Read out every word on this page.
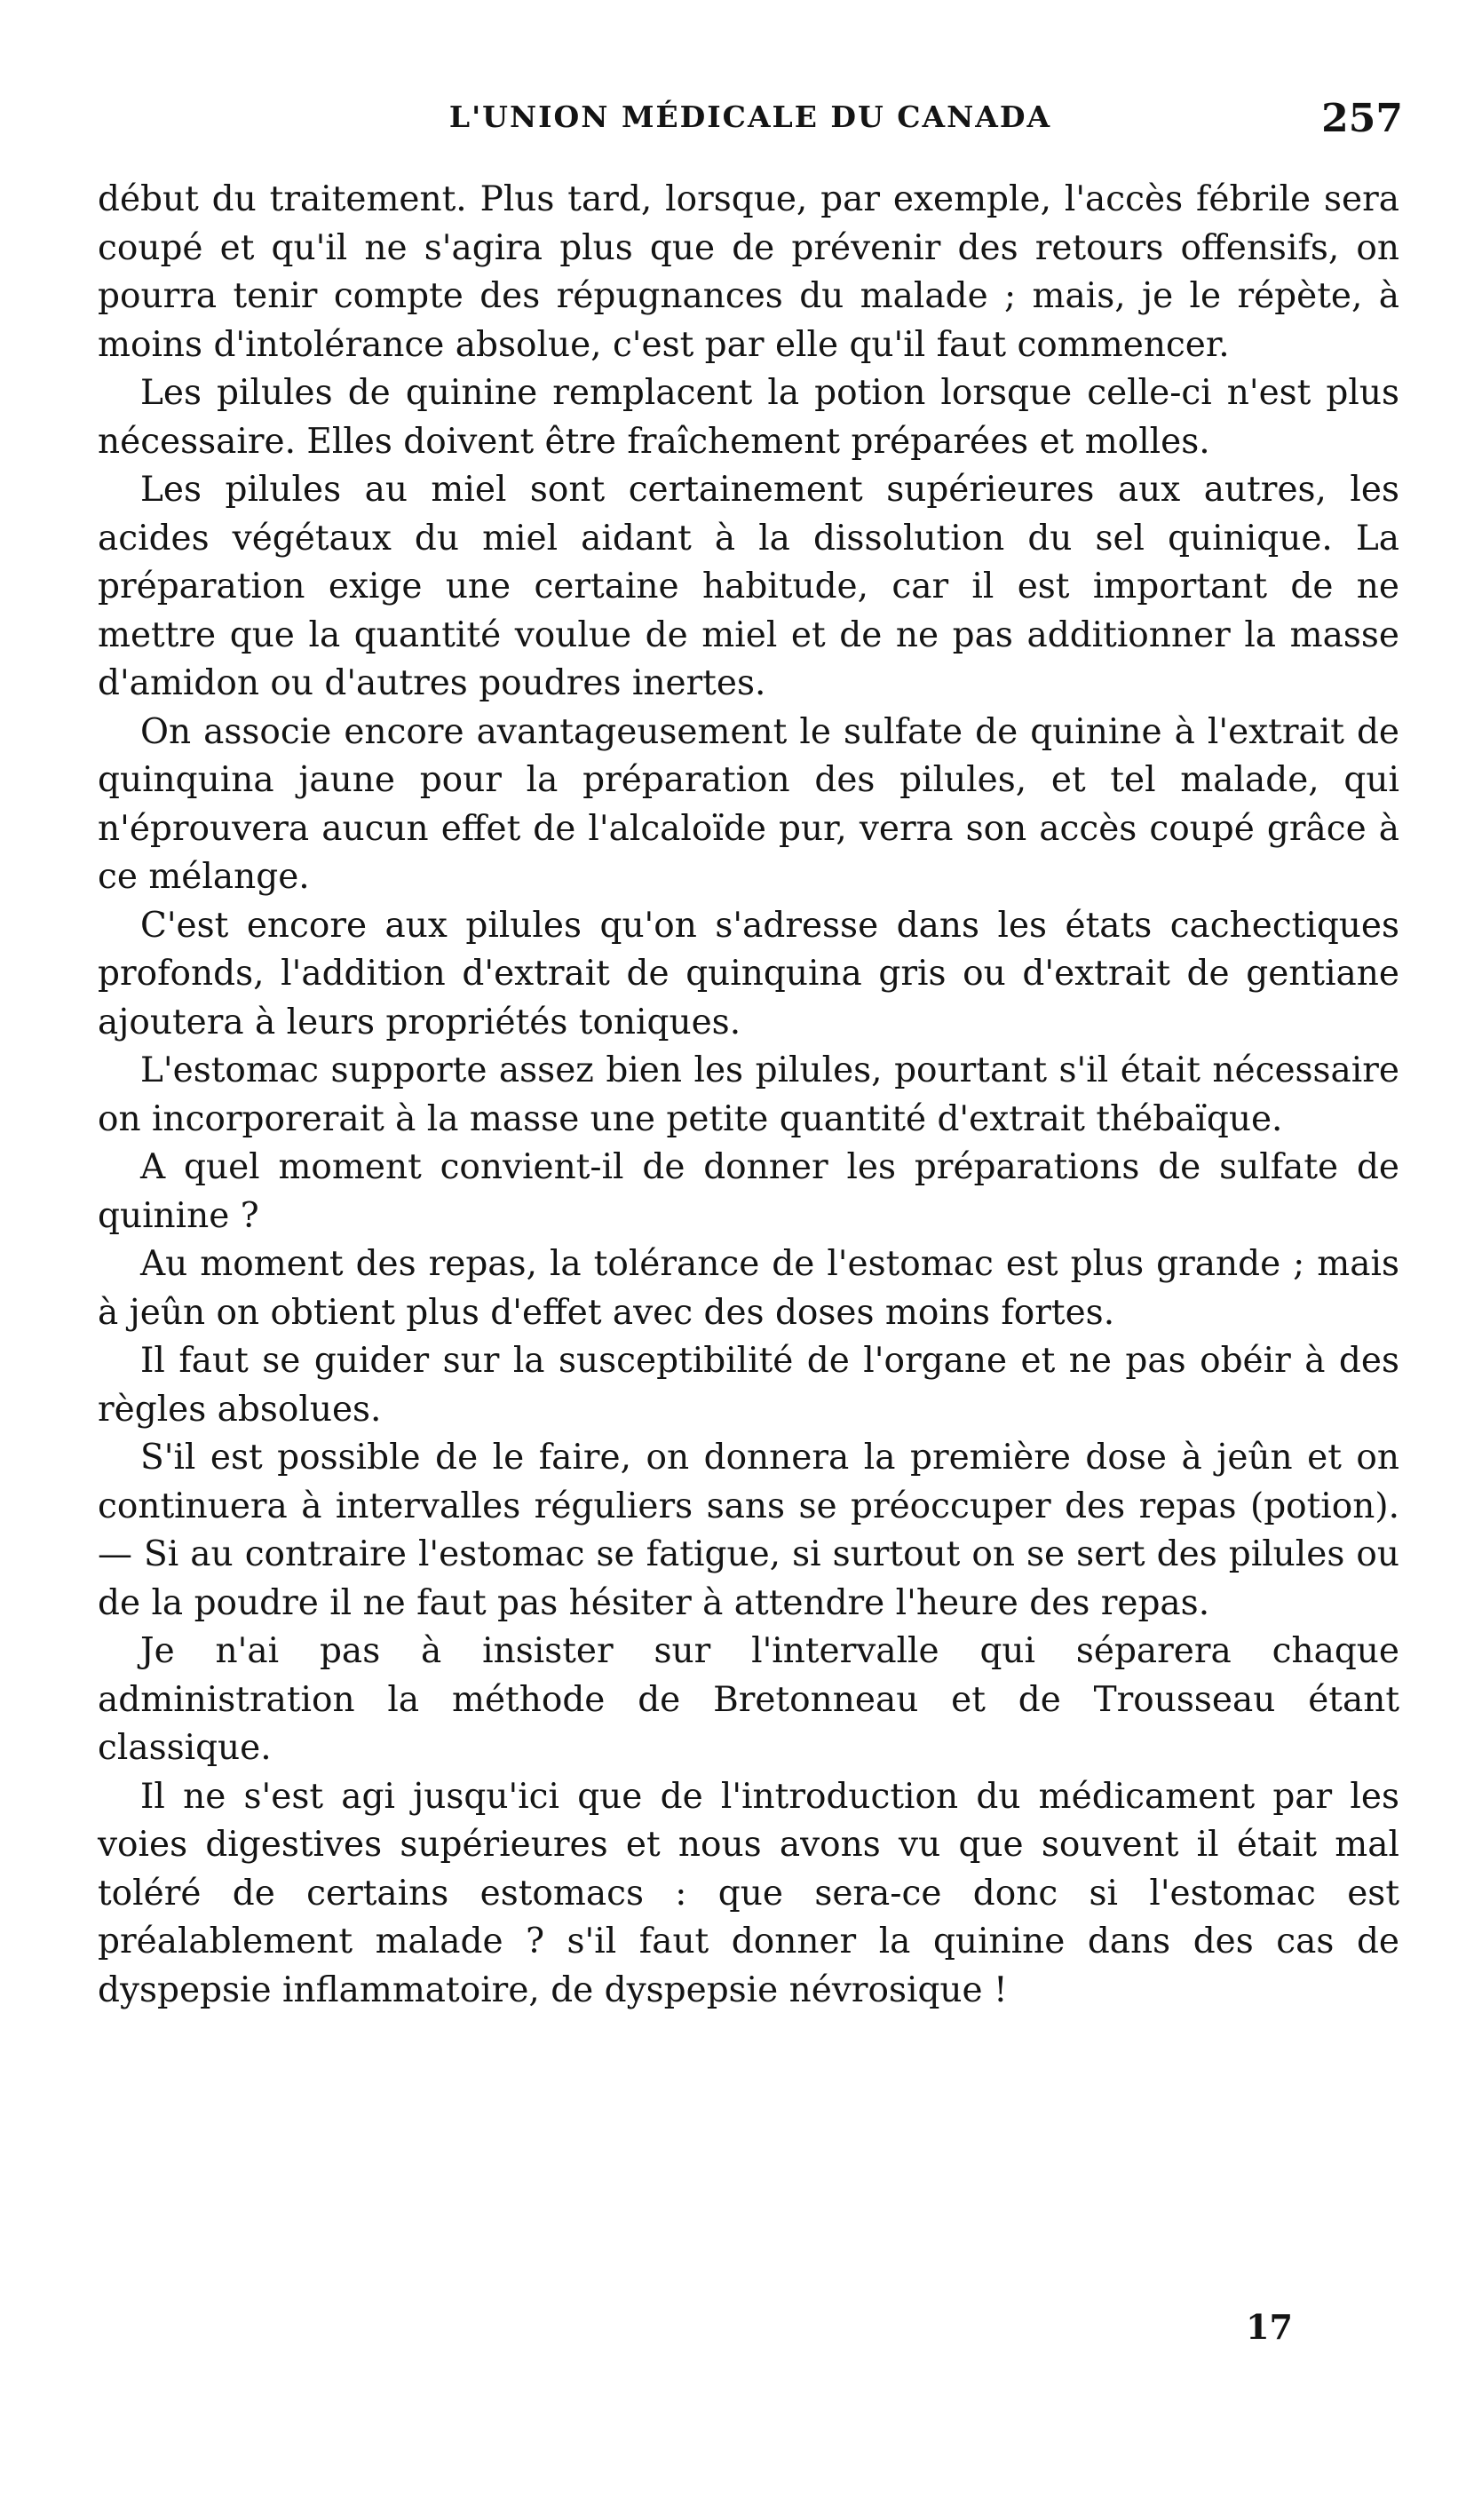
L'UNION MÉDICALE DU CANADA	257

début du traitement. Plus tard, lorsque, par exemple, l'accès fébrile sera coupé et qu'il ne s'agira plus que de prévenir des retours offensifs, on pourra tenir compte des répugnances du malade ; mais, je le répète, à moins d'intolérance absolue, c'est par elle qu'il faut commencer.

Les pilules de quinine remplacent la potion lorsque celle-ci n'est plus nécessaire. Elles doivent être fraîchement préparées et molles.

Les pilules au miel sont certainement supérieures aux autres, les acides végétaux du miel aidant à la dissolution du sel quinique. La préparation exige une certaine habitude, car il est important de ne mettre que la quantité voulue de miel et de ne pas additionner la masse d'amidon ou d'autres poudres inertes.

On associe encore avantageusement le sulfate de quinine à l'extrait de quinquina jaune pour la préparation des pilules, et tel malade, qui n'éprouvera aucun effet de l'alcaloïde pur, verra son accès coupé grâce à ce mélange.

C'est encore aux pilules qu'on s'adresse dans les états cachectiques profonds, l'addition d'extrait de quinquina gris ou d'extrait de gentiane ajoutera à leurs propriétés toniques.

L'estomac supporte assez bien les pilules, pourtant s'il était nécessaire on incorporerait à la masse une petite quantité d'extrait thébaïque.

A quel moment convient-il de donner les préparations de sulfate de quinine ?

Au moment des repas, la tolérance de l'estomac est plus grande ; mais à jeûn on obtient plus d'effet avec des doses moins fortes.

Il faut se guider sur la susceptibilité de l'organe et ne pas obéir à des règles absolues.

S'il est possible de le faire, on donnera la première dose à jeûn et on continuera à intervalles réguliers sans se préoccuper des repas (potion). — Si au contraire l'estomac se fatigue, si surtout on se sert des pilules ou de la poudre il ne faut pas hésiter à attendre l'heure des repas.

Je n'ai pas à insister sur l'intervalle qui séparera chaque administration la méthode de Bretonneau et de Trousseau étant classique.

Il ne s'est agi jusqu'ici que de l'introduction du médicament par les voies digestives supérieures et nous avons vu que souvent il était mal toléré de certains estomacs : que sera-ce donc si l'estomac est préalablement malade ? s'il faut donner la quinine dans des cas de dyspepsie inflammatoire, de dyspepsie névrosique !

17
